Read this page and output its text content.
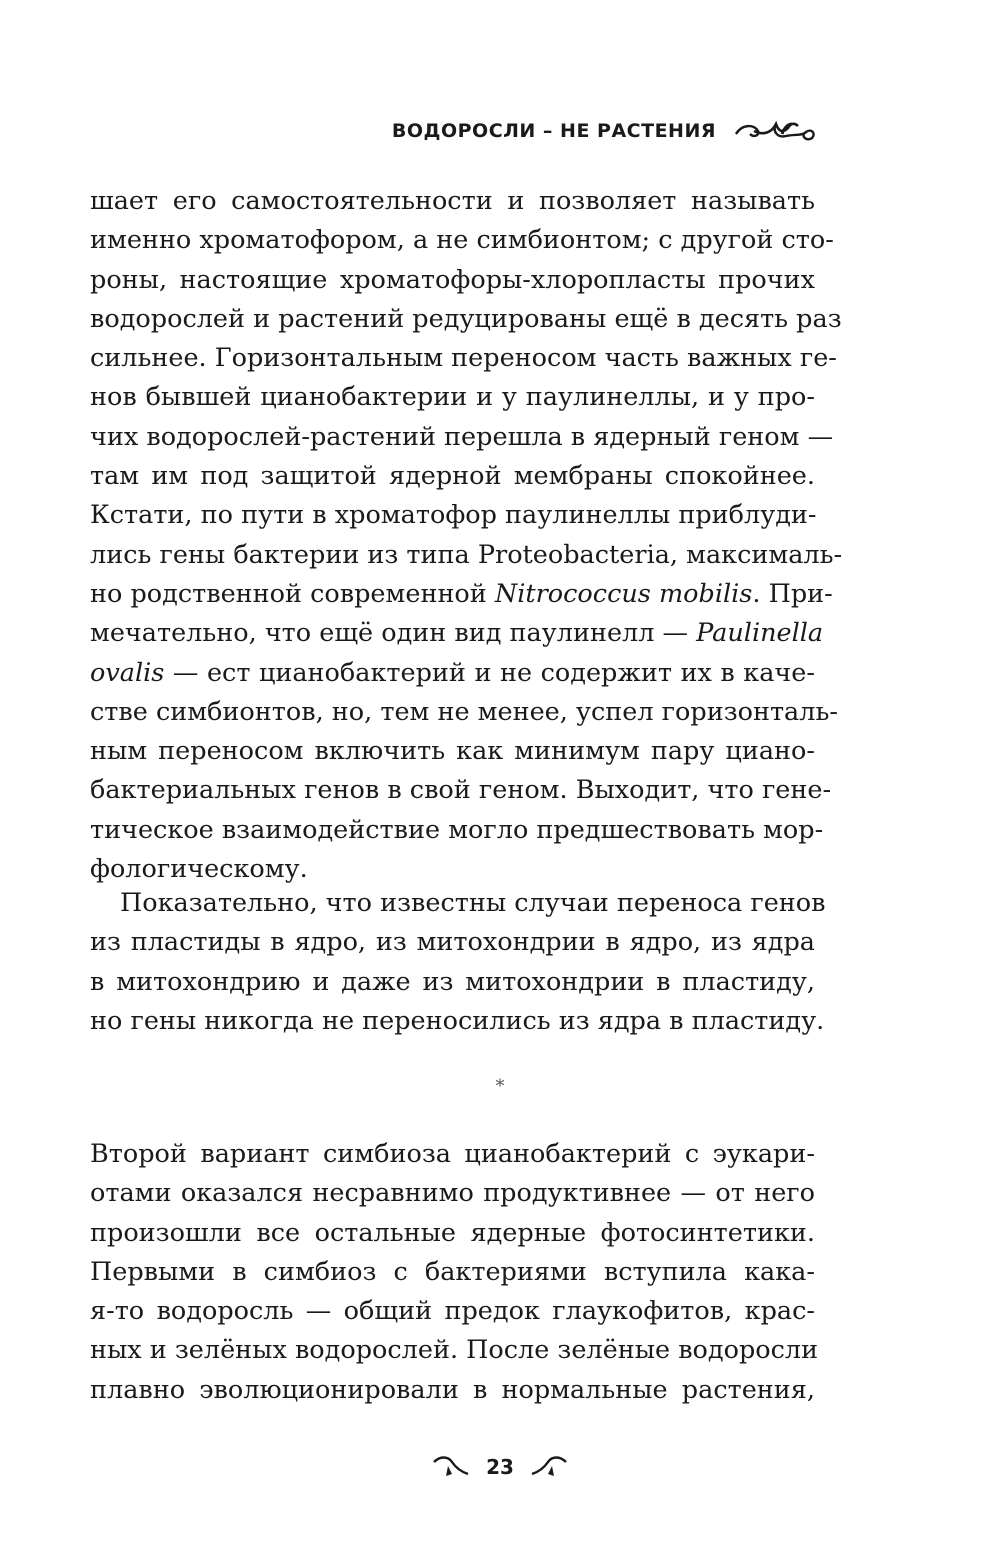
ВОДОРОСЛИ – НЕ РАСТЕНИЯ
шает его самостоятельности и позволяет называть
именно хроматофором, а не симбионтом; с другой сто-
роны, настоящие хроматофоры-хлоропласты прочих
водорослей и растений редуцированы ещё в десять раз
сильнее. Горизонтальным переносом часть важных ге-
нов бывшей цианобактерии и у паулинеллы, и у про-
чих водорослей-растений перешла в ядерный геном —
там им под защитой ядерной мембраны спокойнее.
Кстати, по пути в хроматофор паулинеллы приблуди-
лись гены бактерии из типа Proteobacteria, максималь-
но родственной современной Nitrococcus mobilis. При-
мечательно, что ещё один вид паулинелл — Paulinella
ovalis — ест цианобактерий и не содержит их в каче-
стве симбионтов, но, тем не менее, успел горизонталь-
ным переносом включить как минимум пару циано-
бактериальных генов в свой геном. Выходит, что генe-
тическое взаимодействие могло предшествовать мор-
фологическому.
Показательно, что известны случаи переноса генов
из пластиды в ядро, из митохондрии в ядро, из ядра
в митохондрию и даже из митохондрии в пластиду,
но гены никогда не переносились из ядра в пластиду.
*
Второй вариант симбиоза цианобактерий с эукари-
отами оказался несравнимо продуктивнее — от него
произошли все остальные ядерные фотосинтетики.
Первыми в симбиоз с бактериями вступила кака-
я-то водоросль — общий предок глаукофитов, крас-
ных и зелёных водорослей. После зелёные водоросли
плавно эволюционировали в нормальные растения,
23
